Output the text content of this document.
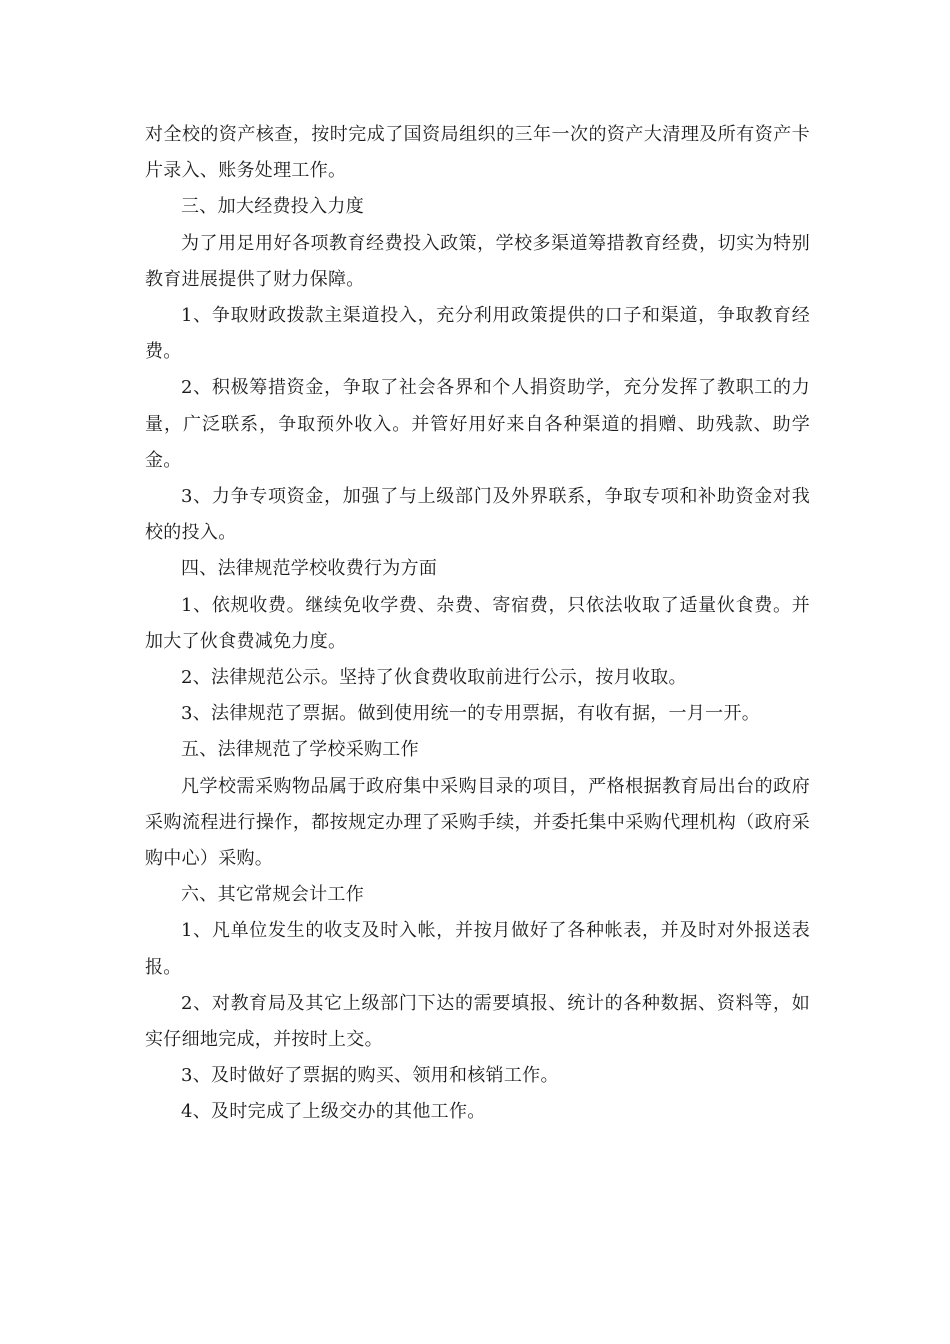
对全校的资产核查，按时完成了国资局组织的三年一次的资产大清理及所有资产卡片录入、账务处理工作。

三、加大经费投入力度

为了用足用好各项教育经费投入政策，学校多渠道筹措教育经费，切实为特别教育进展提供了财力保障。

1、争取财政拨款主渠道投入，充分利用政策提供的口子和渠道，争取教育经费。

2、积极筹措资金，争取了社会各界和个人捐资助学，充分发挥了教职工的力量，广泛联系，争取预外收入。并管好用好来自各种渠道的捐赠、助残款、助学金。

3、力争专项资金，加强了与上级部门及外界联系，争取专项和补助资金对我校的投入。

四、法律规范学校收费行为方面

1、依规收费。继续免收学费、杂费、寄宿费，只依法收取了适量伙食费。并加大了伙食费减免力度。

2、法律规范公示。坚持了伙食费收取前进行公示，按月收取。

3、法律规范了票据。做到使用统一的专用票据，有收有据，一月一开。

五、法律规范了学校采购工作

凡学校需采购物品属于政府集中采购目录的项目，严格根据教育局出台的政府采购流程进行操作，都按规定办理了采购手续，并委托集中采购代理机构（政府采购中心）采购。

六、其它常规会计工作

1、凡单位发生的收支及时入帐，并按月做好了各种帐表，并及时对外报送表报。

2、对教育局及其它上级部门下达的需要填报、统计的各种数据、资料等，如实仔细地完成，并按时上交。

3、及时做好了票据的购买、领用和核销工作。

4、及时完成了上级交办的其他工作。
